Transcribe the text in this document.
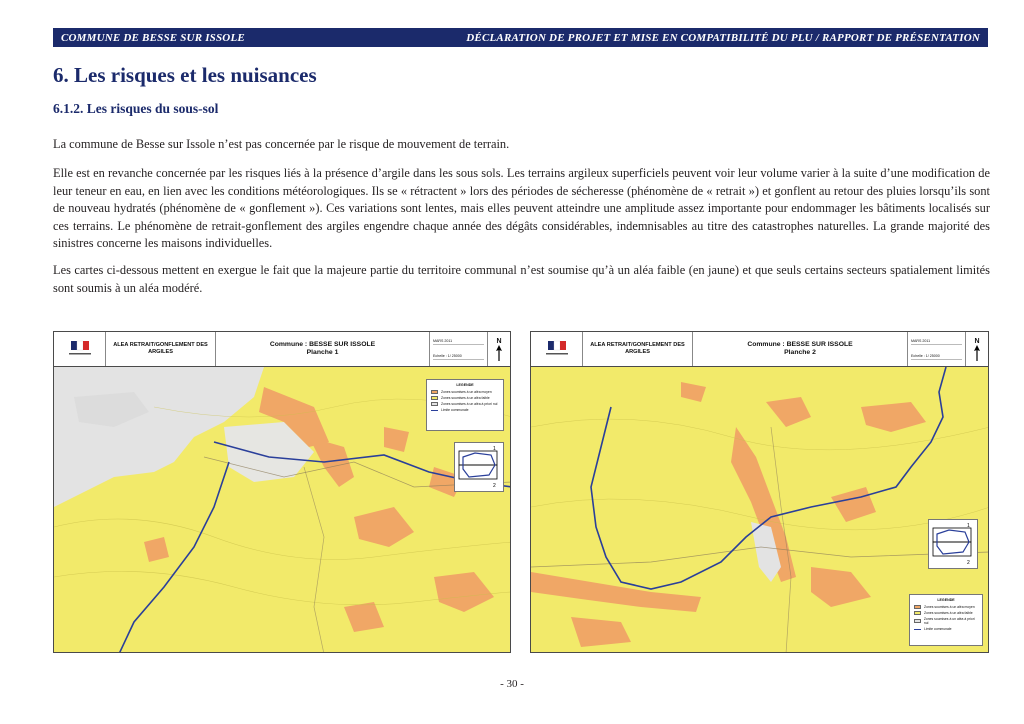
COMMUNE DE BESSE SUR ISSOLE	DÉCLARATION DE PROJET ET MISE EN COMPATIBILITÉ DU PLU / RAPPORT DE PRÉSENTATION
6. Les risques et les nuisances
6.1.2. Les risques du sous-sol

La commune de Besse sur Issole n’est pas concernée par le risque de mouvement de terrain.

Elle est en revanche concernée par les risques liés à la présence d’argile dans les sous sols. Les terrains argileux superficiels peuvent voir leur volume varier à la suite d’une modification de leur teneur en eau, en lien avec les conditions météorologiques. Ils se « rétractent » lors des périodes de sécheresse (phénomène de « retrait ») et gonflent au retour des pluies lorsqu’ils sont de nouveau hydratés (phénomène de « gonflement »). Ces variations sont lentes, mais elles peuvent atteindre une amplitude assez importante pour endommager les bâtiments localisés sur ces terrains. Le phénomène de retrait-gonflement des argiles engendre chaque année des dégâts considérables, indemnisables au titre des catastrophes naturelles. La grande majorité des sinistres concerne les maisons individuelles.

Les cartes ci-dessous mettent en exergue le fait que la majeure partie du territoire communal n’est soumise qu’à un aléa faible (en jaune) et que seuls certains secteurs spatialement limités sont soumis à un aléa modéré.

ALEA RETRAIT/GONFLEMENT DES ARGILES
Commune : BESSE SUR ISSOLE
Planche 1
MARS 2011
Echelle : 1/ 25000
N
LEGENDE
Zones soumises à un aléa moyen
Zones soumises à un aléa faible
Zones soumises à un aléa à priori nul
Limite communale
1
2
ALEA RETRAIT/GONFLEMENT DES ARGILES
Commune : BESSE SUR ISSOLE
Planche 2
MARS 2011
Echelle : 1/ 25000
N
1
2
LEGENDE
Zones soumises à un aléa moyen
Zones soumises à un aléa faible
Zones soumises à un aléa à priori nul
Limite communale
- 30 -
